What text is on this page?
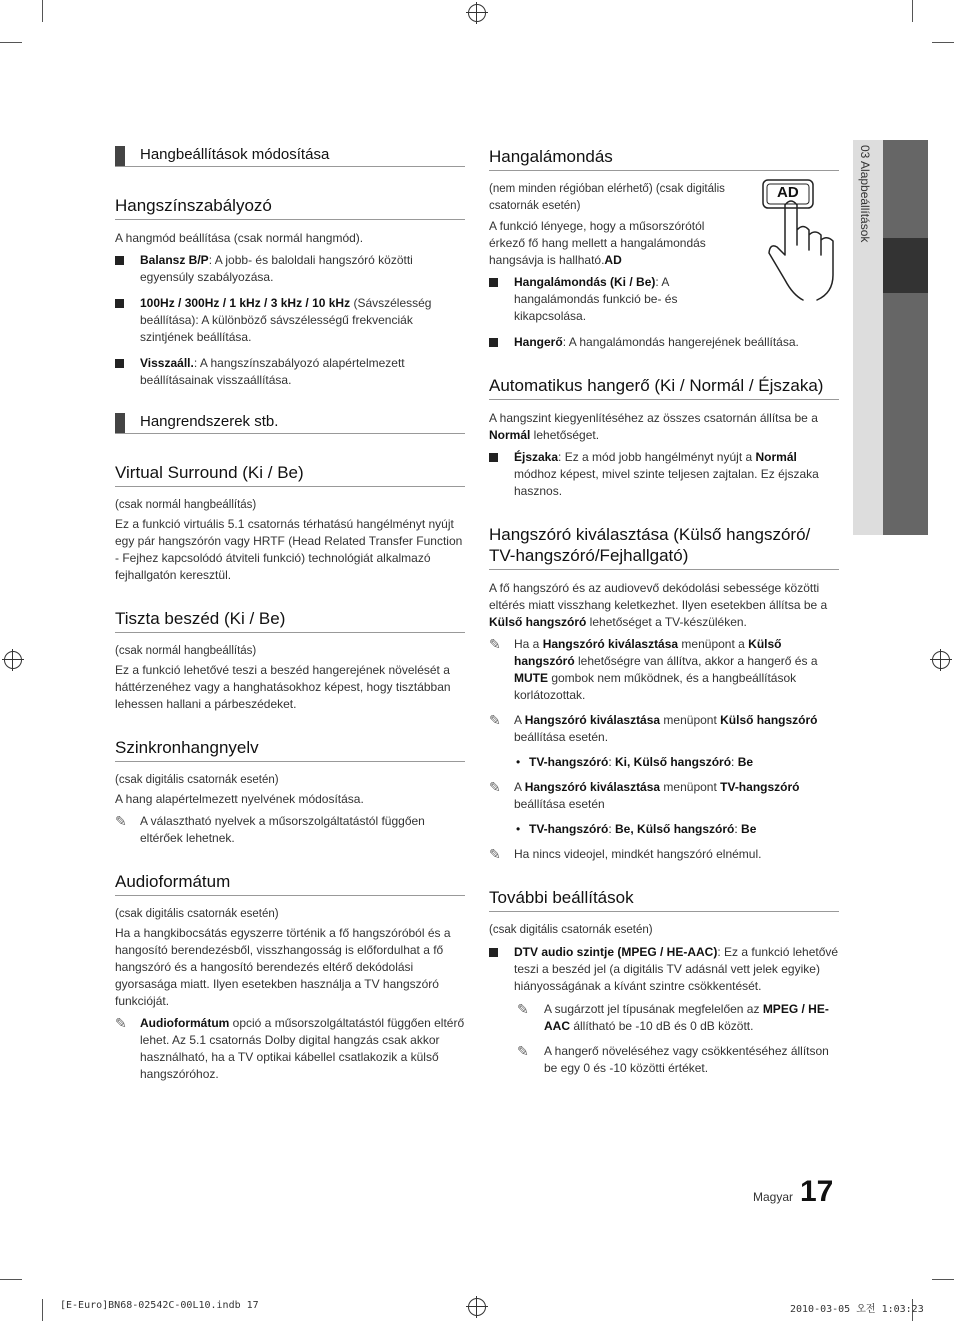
03 Alapbeállítások
Hangbeállítások módosítása
Hangszínszabályozó

A hangmód beállítása (csak normál hangmód).

Balansz B/P: A jobb- és baloldali hangszóró közötti egyensúly szabályozása.
100Hz / 300Hz / 1 kHz / 3 kHz / 10 kHz (Sávszélesség beállítása): A különböző sávszélességű frekvenciák szintjének beállítása.
Visszaáll.: A hangszínszabályozó alapértelmezett beállításainak visszaállítása.
Hangrendszerek stb.
Virtual Surround (Ki / Be)

(csak normál hangbeállítás)

Ez a funkció virtuális 5.1 csatornás térhatású hangélményt nyújt egy pár hangszórón vagy HRTF (Head Related Transfer Function - Fejhez kapcsolódó átviteli funkció) technológiát alkalmazó fejhallgatón keresztül.

Tiszta beszéd (Ki / Be)

(csak normál hangbeállítás)

Ez a funkció lehetővé teszi a beszéd hangerejének növelését a háttérzenéhez vagy a hanghatásokhoz képest, hogy tisztábban lehessen hallani a párbeszédeket.

Szinkronhangnyelv

(csak digitális csatornák esetén)

A hang alapértelmezett nyelvének módosítása.

✎ A választható nyelvek a műsorszolgáltatástól függően eltérőek lehetnek.
Audioformátum

(csak digitális csatornák esetén)

Ha a hangkibocsátás egyszerre történik a fő hangszóróból és a hangosító berendezésből, visszhangosság is előfordulhat a fő hangszóró és a hangosító berendezés eltérő dekódolási gyorsasága miatt. Ilyen esetekben használja a TV hangszóró funkcióját.

✎ Audioformátum opció a műsorszolgáltatástól függően eltérő lehet. Az 5.1 csatornás Dolby digital hangzás csak akkor használható, ha a TV optikai kábellel csatlakozik a külső hangszóróhoz.
Hangalámondás

(nem minden régióban elérhető) (csak digitális csatornák esetén)

A funkció lényege, hogy a műsorszórótól érkező fő hang mellett a hangalámondás hangsávja is hallható.AD

Hangalámondás (Ki / Be): A hangalámondás funkció be- és kikapcsolása.
Hangerő: A hangalámondás hangerejének beállítása.
Automatikus hangerő (Ki / Normál / Éjszaka)

A hangszint kiegyenlítéséhez az összes csatornán állítsa be a Normál lehetőséget.

Éjszaka: Ez a mód jobb hangélményt nyújt a Normál módhoz képest, mivel szinte teljesen zajtalan. Ez éjszaka hasznos.
Hangszóró kiválasztása (Külső hangszóró/ TV-hangszóró/Fejhallgató)

A fő hangszóró és az audiovevő dekódolási sebessége közötti eltérés miatt visszhang keletkezhet. Ilyen esetekben állítsa be a Külső hangszóró lehetőséget a TV-készüléken.

✎ Ha a Hangszóró kiválasztása menüpont a Külső hangszóró lehetőségre van állítva, akkor a hangerő és a MUTE gombok nem működnek, és a hangbeállítások korlátozottak.
✎ A Hangszóró kiválasztása menüpont Külső hangszóró beállítása esetén.
• TV-hangszóró: Ki, Külső hangszóró: Be
✎ A Hangszóró kiválasztása menüpont TV-hangszóró beállítása esetén
• TV-hangszóró: Be, Külső hangszóró: Be
✎ Ha nincs videojel, mindkét hangszóró elnémul.
További beállítások

(csak digitális csatornák esetén)

DTV audio szintje (MPEG / HE-AAC): Ez a funkció lehetővé teszi a beszéd jel (a digitális TV adásnál vett jelek egyike) hiányosságának a kívánt szintre csökkentését.
✎ A sugárzott jel típusának megfelelően az MPEG / HE-AAC állítható be -10 dB és 0 dB között.
✎ A hangerő növeléséhez vagy csökkentéséhez állítson be egy 0 és -10 közötti értéket.
AD
Magyar 17
[E-Euro]BN68-02542C-00L10.indb 17	2010-03-05 오전 1:03:23
